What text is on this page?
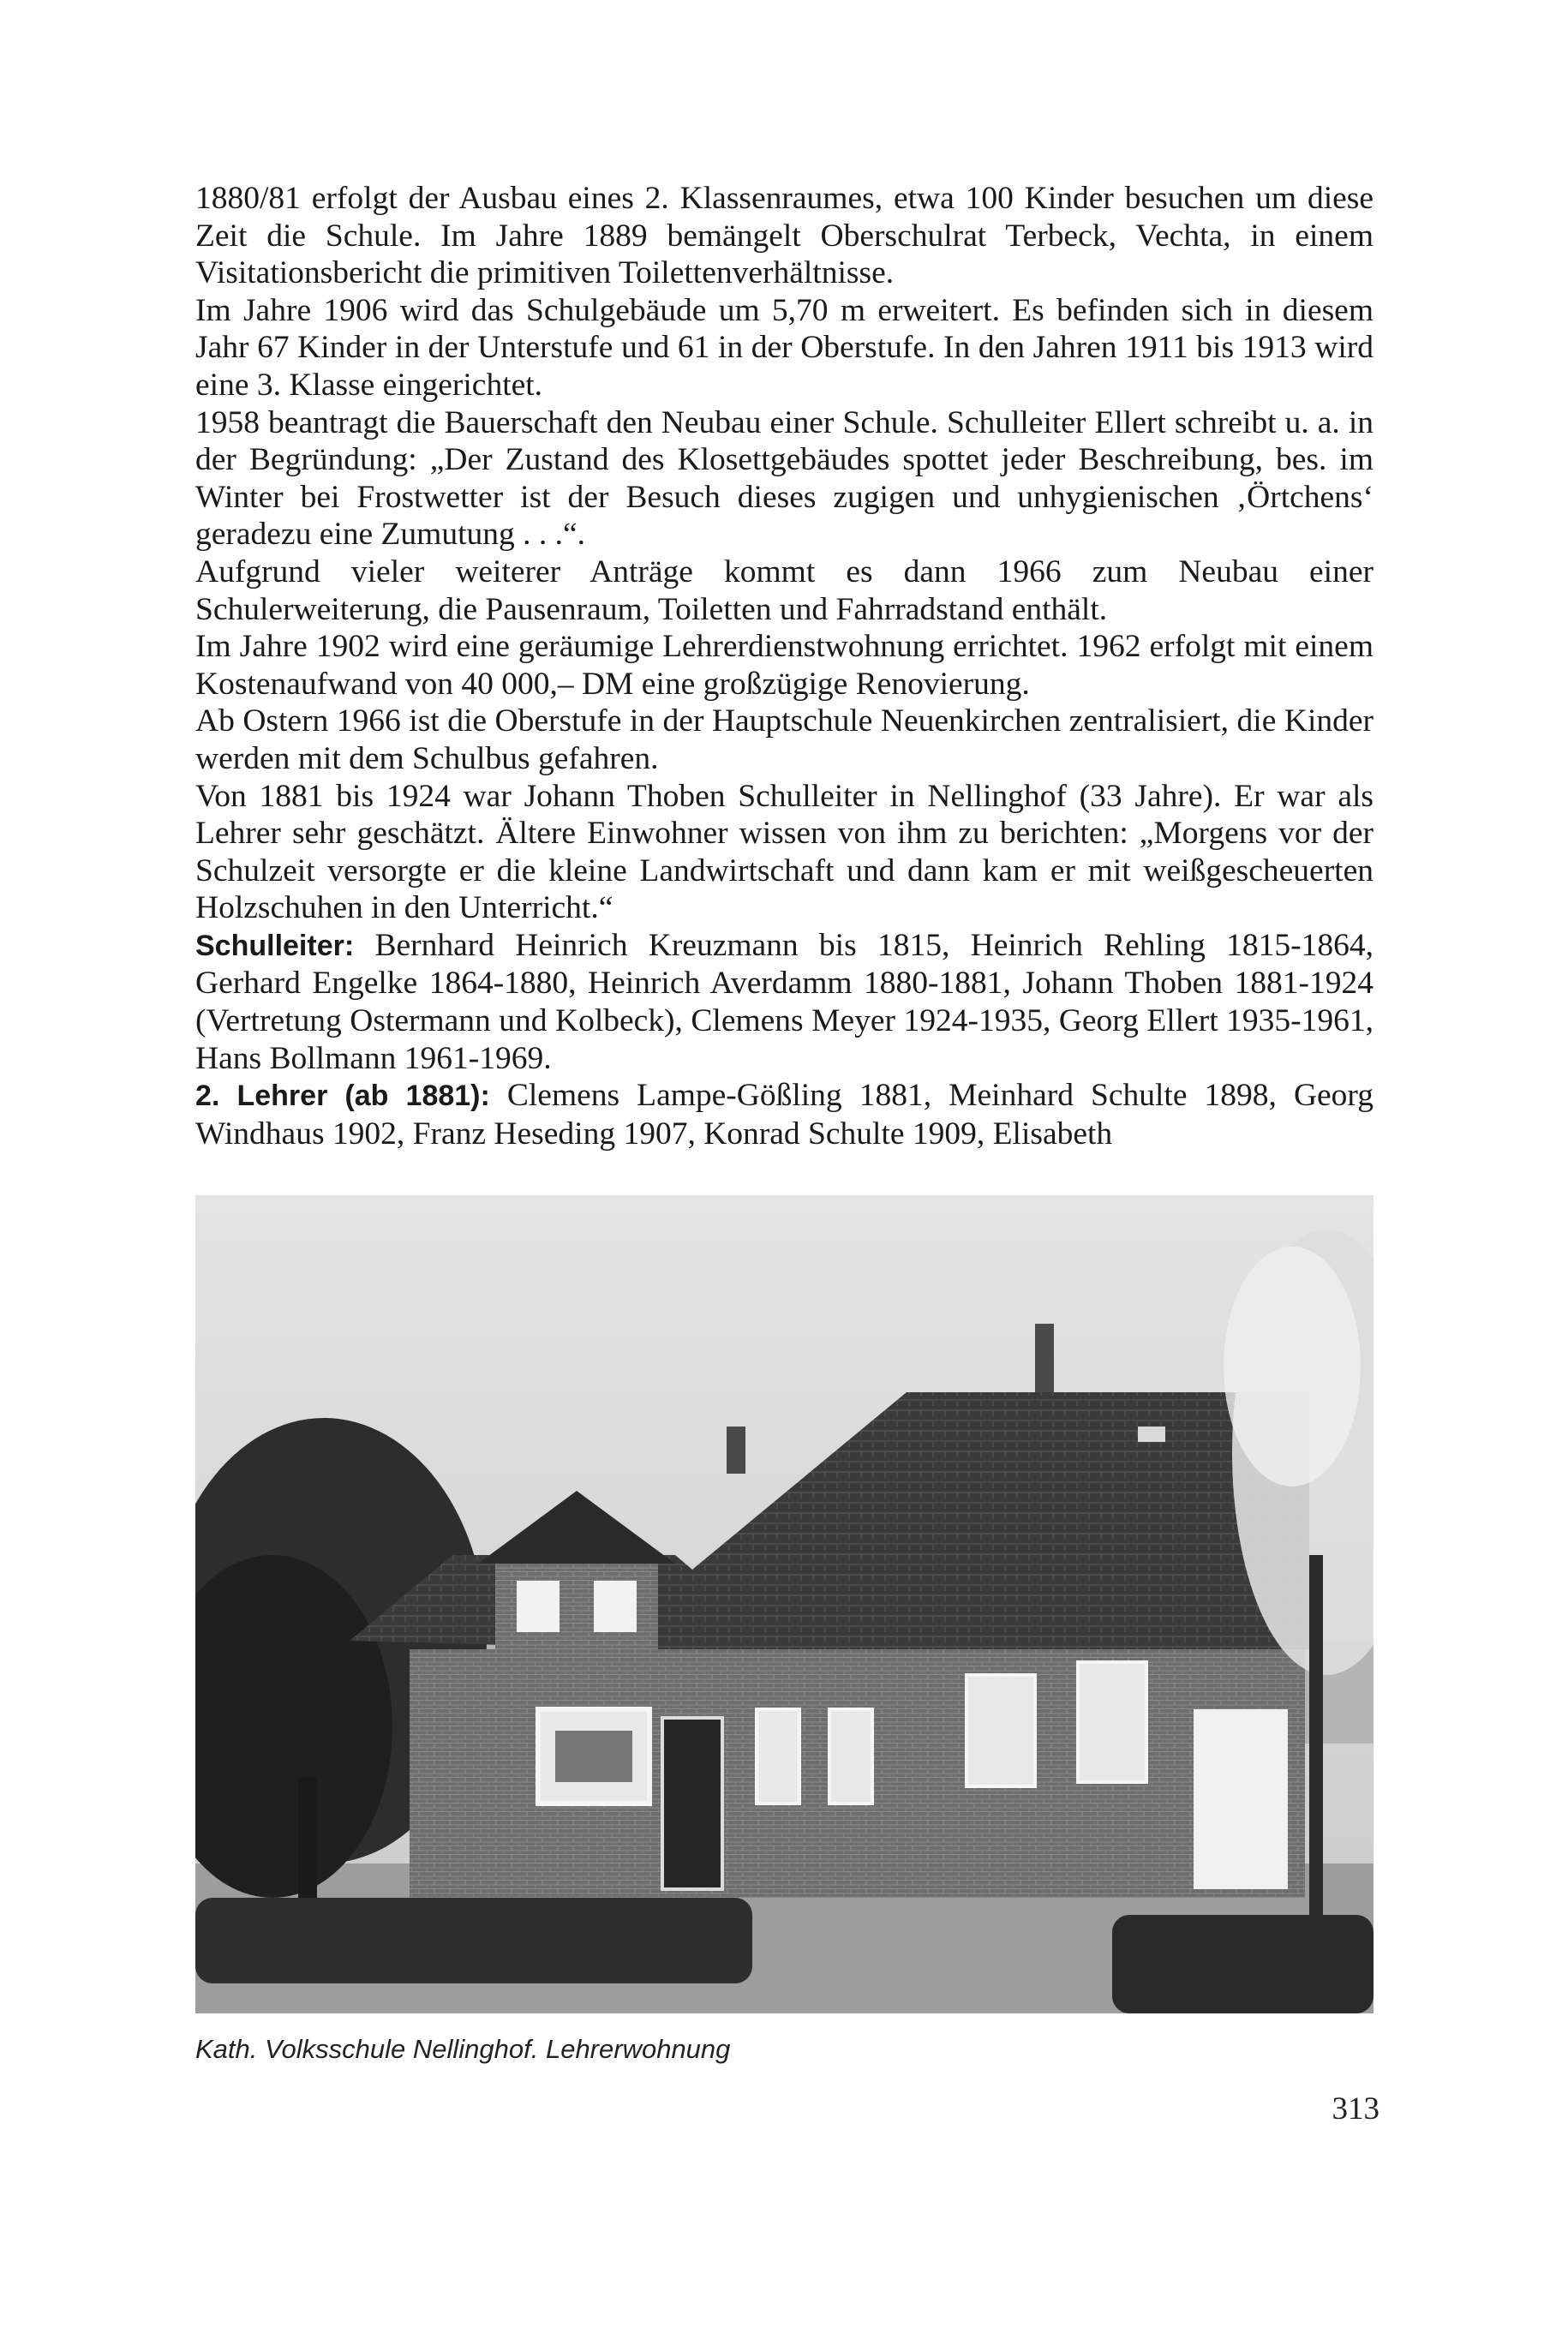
1880/81 erfolgt der Ausbau eines 2. Klassenraumes, etwa 100 Kinder besuchen um diese Zeit die Schule. Im Jahre 1889 bemängelt Oberschulrat Terbeck, Vechta, in einem Visitationsbericht die primitiven Toilettenverhältnisse.

Im Jahre 1906 wird das Schulgebäude um 5,70 m erweitert. Es befinden sich in diesem Jahr 67 Kinder in der Unterstufe und 61 in der Oberstufe. In den Jahren 1911 bis 1913 wird eine 3. Klasse eingerichtet.

1958 beantragt die Bauerschaft den Neubau einer Schule. Schulleiter Ellert schreibt u. a. in der Begründung: „Der Zustand des Klosettgebäudes spottet jeder Beschreibung, bes. im Winter bei Frostwetter ist der Besuch dieses zugigen und unhygienischen ‚Örtchens‘ geradezu eine Zumutung . . .“.

Aufgrund vieler weiterer Anträge kommt es dann 1966 zum Neubau einer Schulerweiterung, die Pausenraum, Toiletten und Fahrradstand enthält.

Im Jahre 1902 wird eine geräumige Lehrerdienstwohnung errichtet. 1962 erfolgt mit einem Kostenaufwand von 40 000,– DM eine großzügige Renovierung.

Ab Ostern 1966 ist die Oberstufe in der Hauptschule Neuenkirchen zentralisiert, die Kinder werden mit dem Schulbus gefahren.

Von 1881 bis 1924 war Johann Thoben Schulleiter in Nellinghof (33 Jahre). Er war als Lehrer sehr geschätzt. Ältere Einwohner wissen von ihm zu berichten: „Morgens vor der Schulzeit versorgte er die kleine Landwirtschaft und dann kam er mit weißgescheuerten Holzschuhen in den Unterricht.“

Schulleiter: Bernhard Heinrich Kreuzmann bis 1815, Heinrich Rehling 1815-1864, Gerhard Engelke 1864-1880, Heinrich Averdamm 1880-1881, Johann Thoben 1881-1924 (Vertretung Ostermann und Kolbeck), Clemens Meyer 1924-1935, Georg Ellert 1935-1961, Hans Bollmann 1961-1969.

2. Lehrer (ab 1881): Clemens Lampe-Gößling 1881, Meinhard Schulte 1898, Georg Windhaus 1902, Franz Heseding 1907, Konrad Schulte 1909, Elisabeth

Kath. Volksschule Nellinghof. Lehrerwohnung
313
